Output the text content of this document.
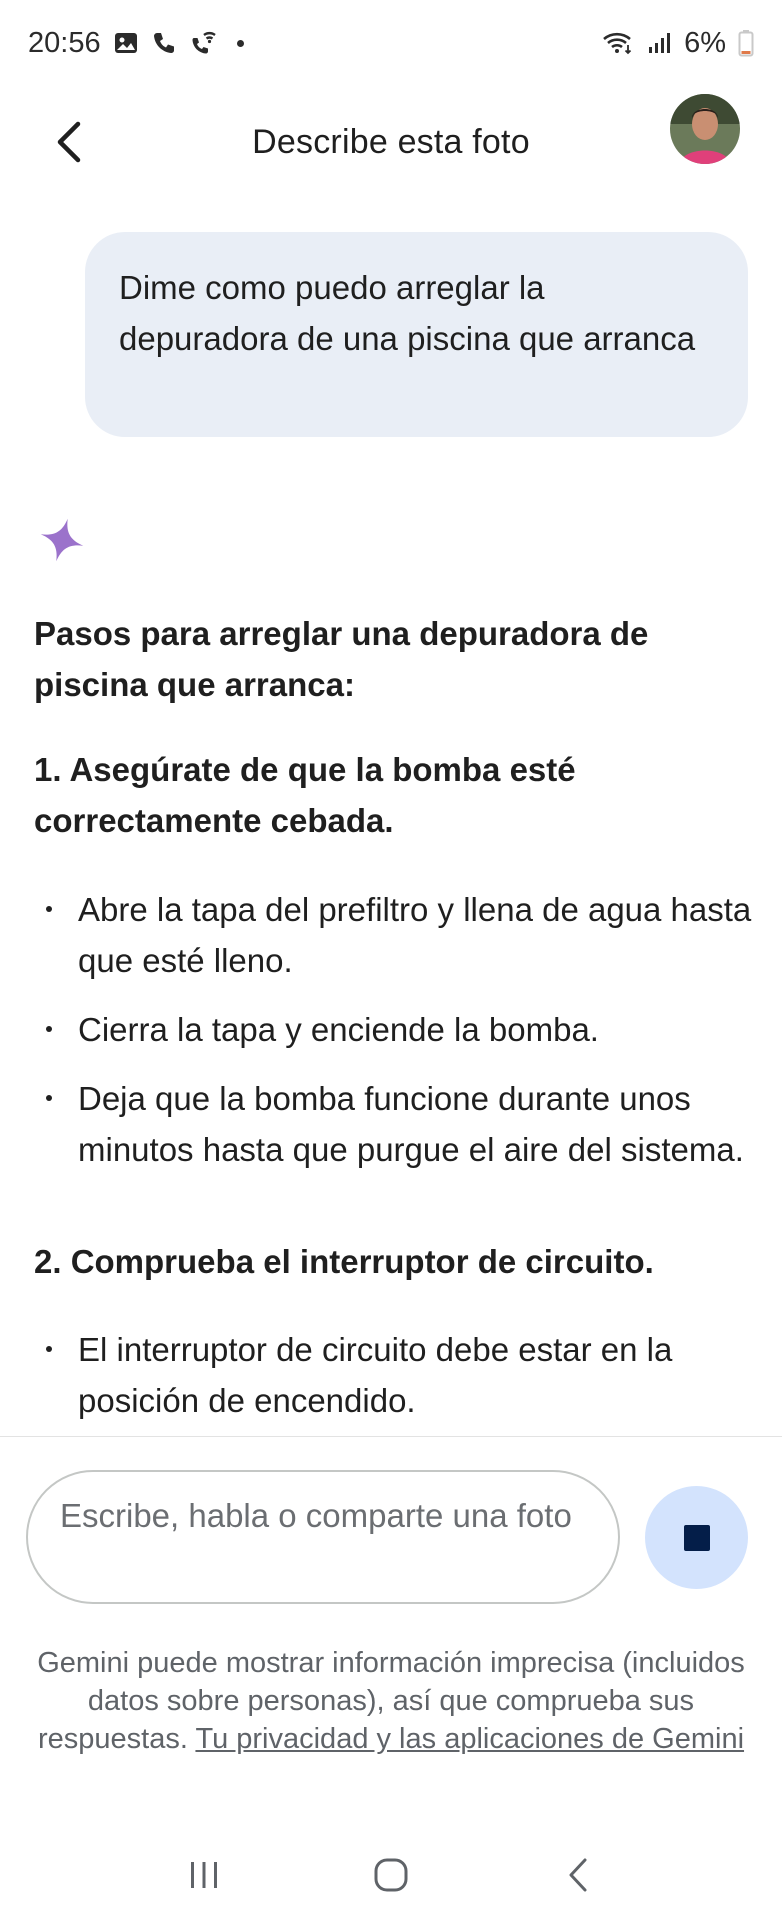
20:56	6%
Describe esta foto
Dime como puedo arreglar la depuradora de una piscina que arranca
Pasos para arreglar una depuradora de piscina que arranca:
1. Asegúrate de que la bomba esté correctamente cebada.
Abre la tapa del prefiltro y llena de agua hasta que esté lleno.
Cierra la tapa y enciende la bomba.
Deja que la bomba funcione durante unos minutos hasta que purgue el aire del sistema.
2. Comprueba el interruptor de circuito.
El interruptor de circuito debe estar en la posición de encendido.
Escribe, habla o comparte una foto
Gemini puede mostrar información imprecisa (incluidos datos sobre personas), así que comprueba sus respuestas. Tu privacidad y las aplicaciones de Gemini
